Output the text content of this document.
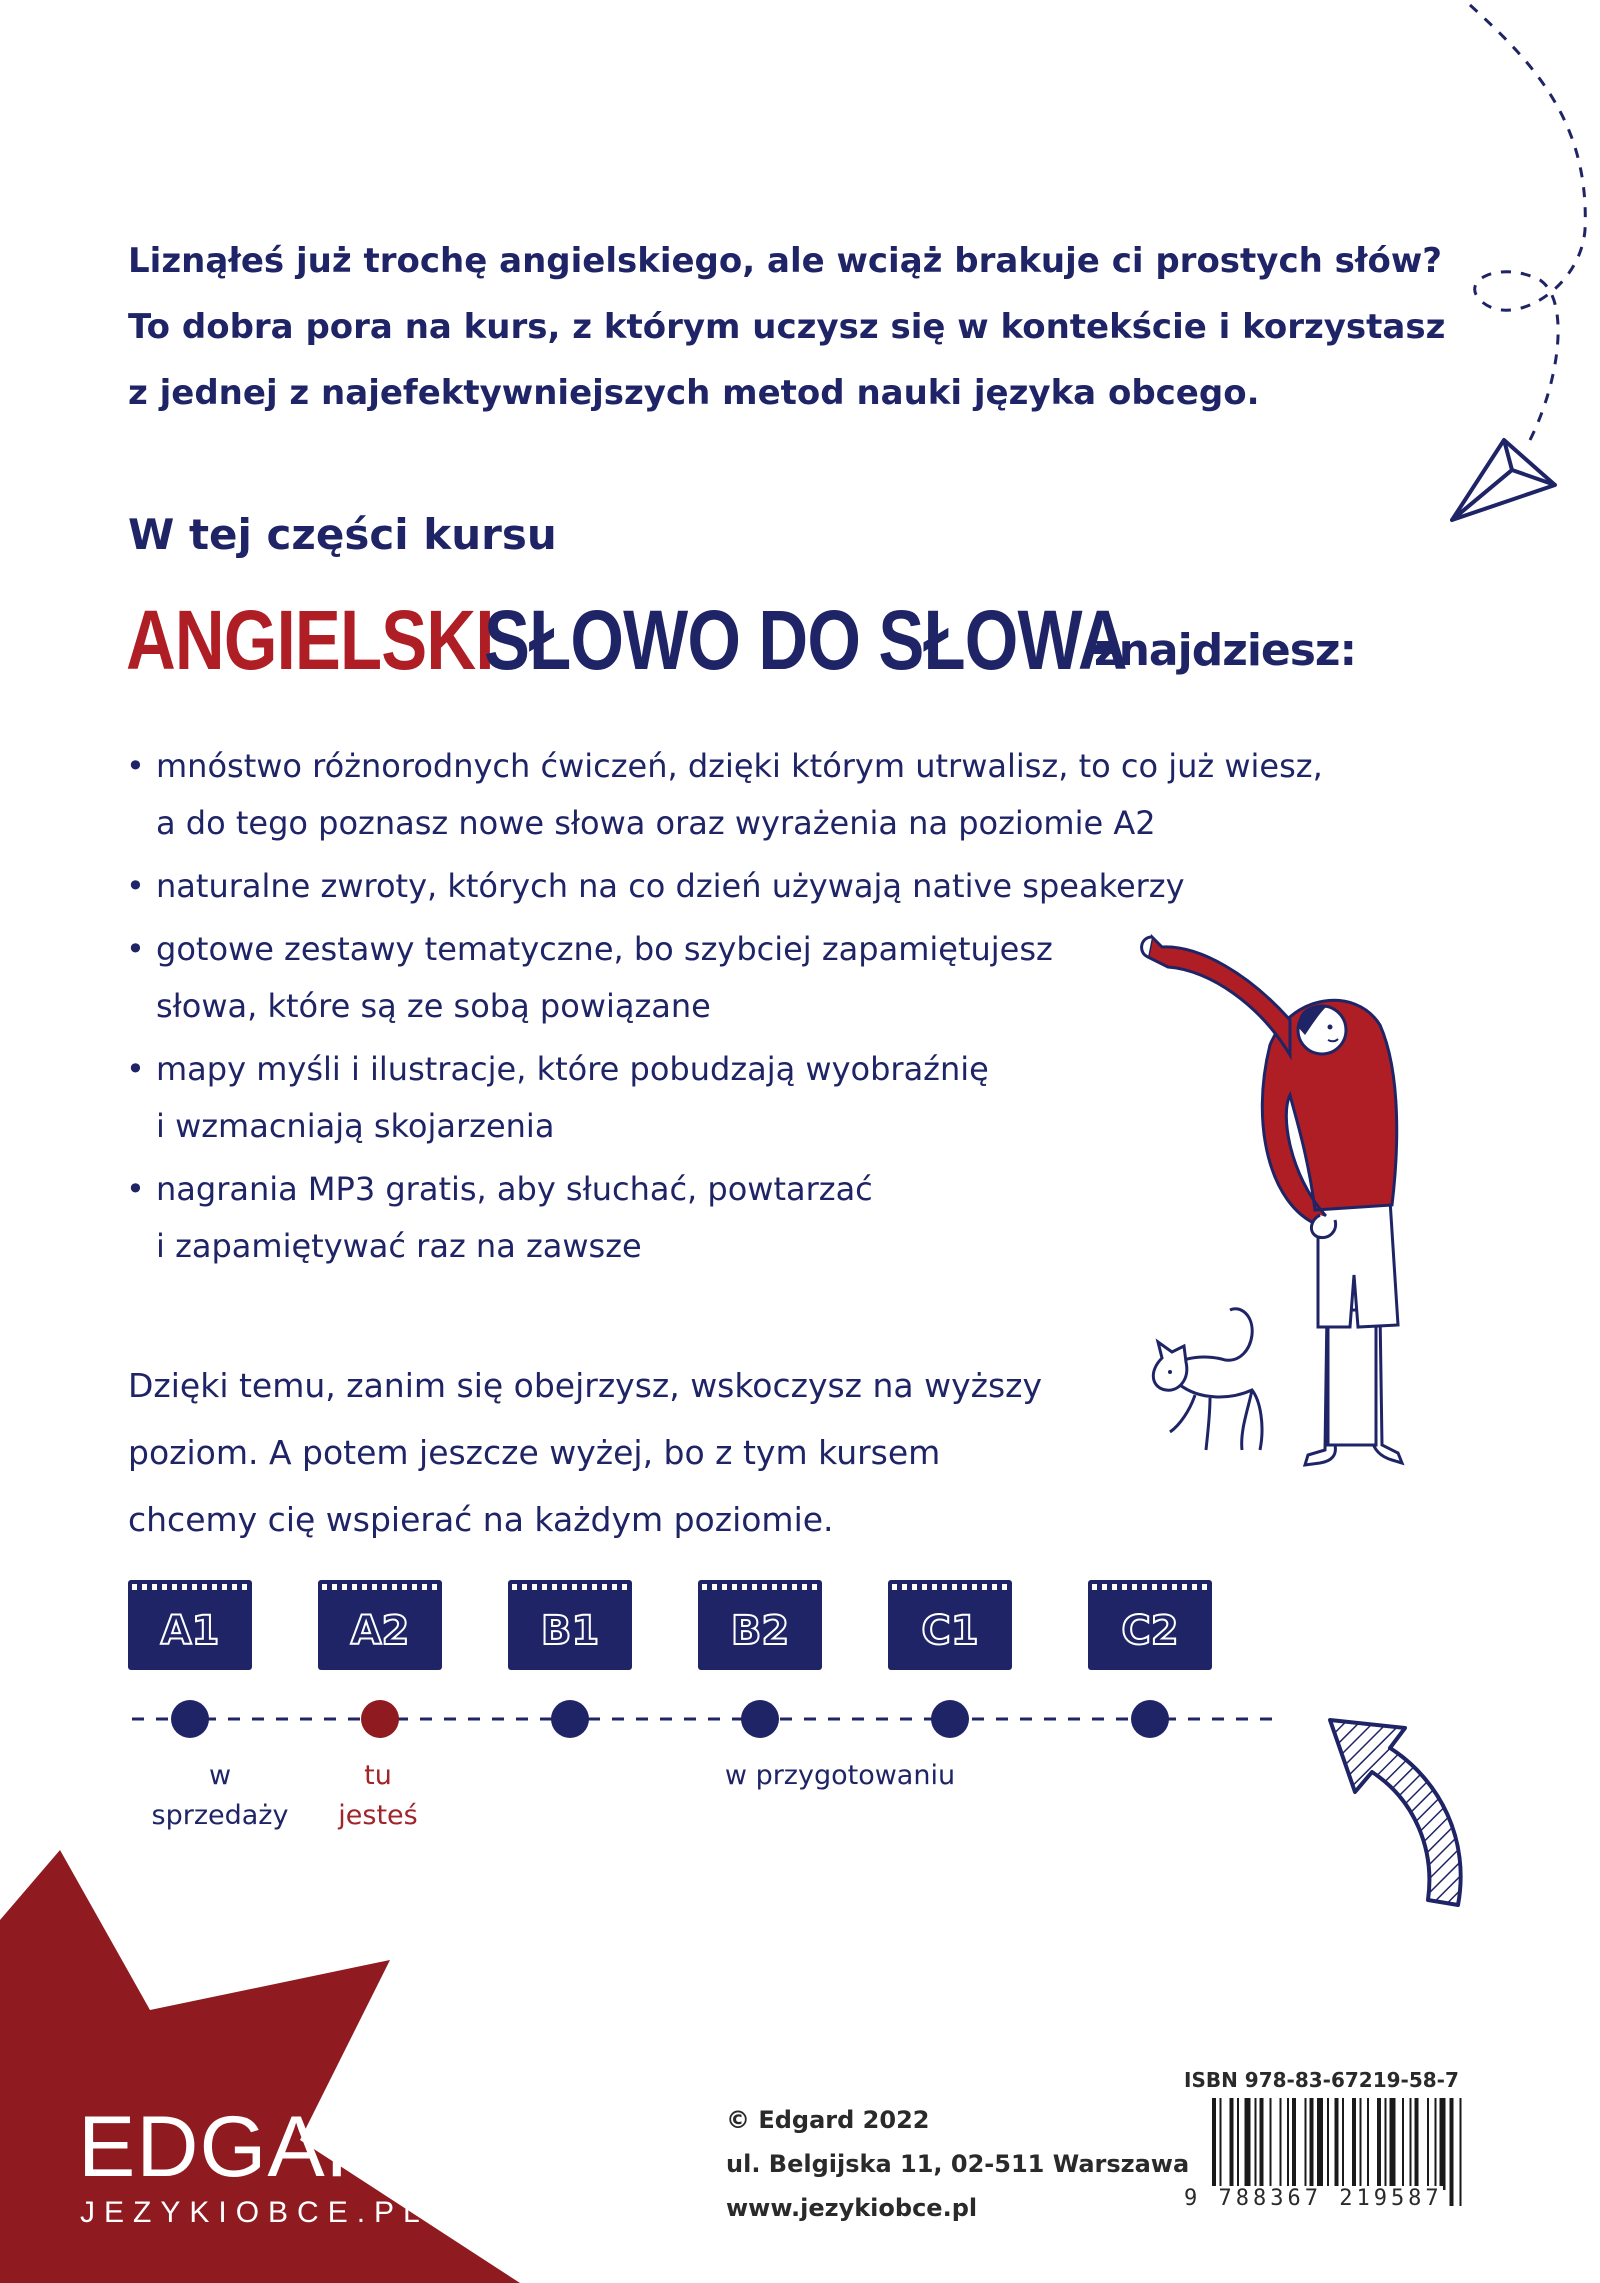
Liznąłeś już trochę angielskiego, ale wciąż brakuje ci prostych słów?
To dobra pora na kurs, z którym uczysz się w kontekście i korzystasz
z jednej z najefektywniejszych metod nauki języka obcego.
W tej części kursu
ANGIELSKISŁOWO DO SŁOWAznajdziesz:
• mnóstwo różnorodnych ćwiczeń, dzięki którym utrwalisz, to co już wiesz,
a do tego poznasz nowe słowa oraz wyrażenia na poziomie A2
• naturalne zwroty, których na co dzień używają native speakerzy
• gotowe zestawy tematyczne, bo szybciej zapamiętujesz
słowa, które są ze sobą powiązane
• mapy myśli i ilustracje, które pobudzają wyobraźnię
i wzmacniają skojarzenia
• nagrania MP3 gratis, aby słuchać, powtarzać
i zapamiętywać raz na zawsze
Dzięki temu, zanim się obejrzysz, wskoczysz na wyższy
poziom. A potem jeszcze wyżej, bo z tym kursem
chcemy cię wspierać na każdym poziomie.
A1	A2	B1	B2	C1	C2
w
sprzedaży
tu
jesteś
w przygotowaniu
EDGARD
JEZYKIOBCE.PL
© Edgard 2022
ul. Belgijska 11, 02-511 Warszawa
www.jezykiobce.pl
ISBN 978-83-67219-58-7
9 788367 219587
